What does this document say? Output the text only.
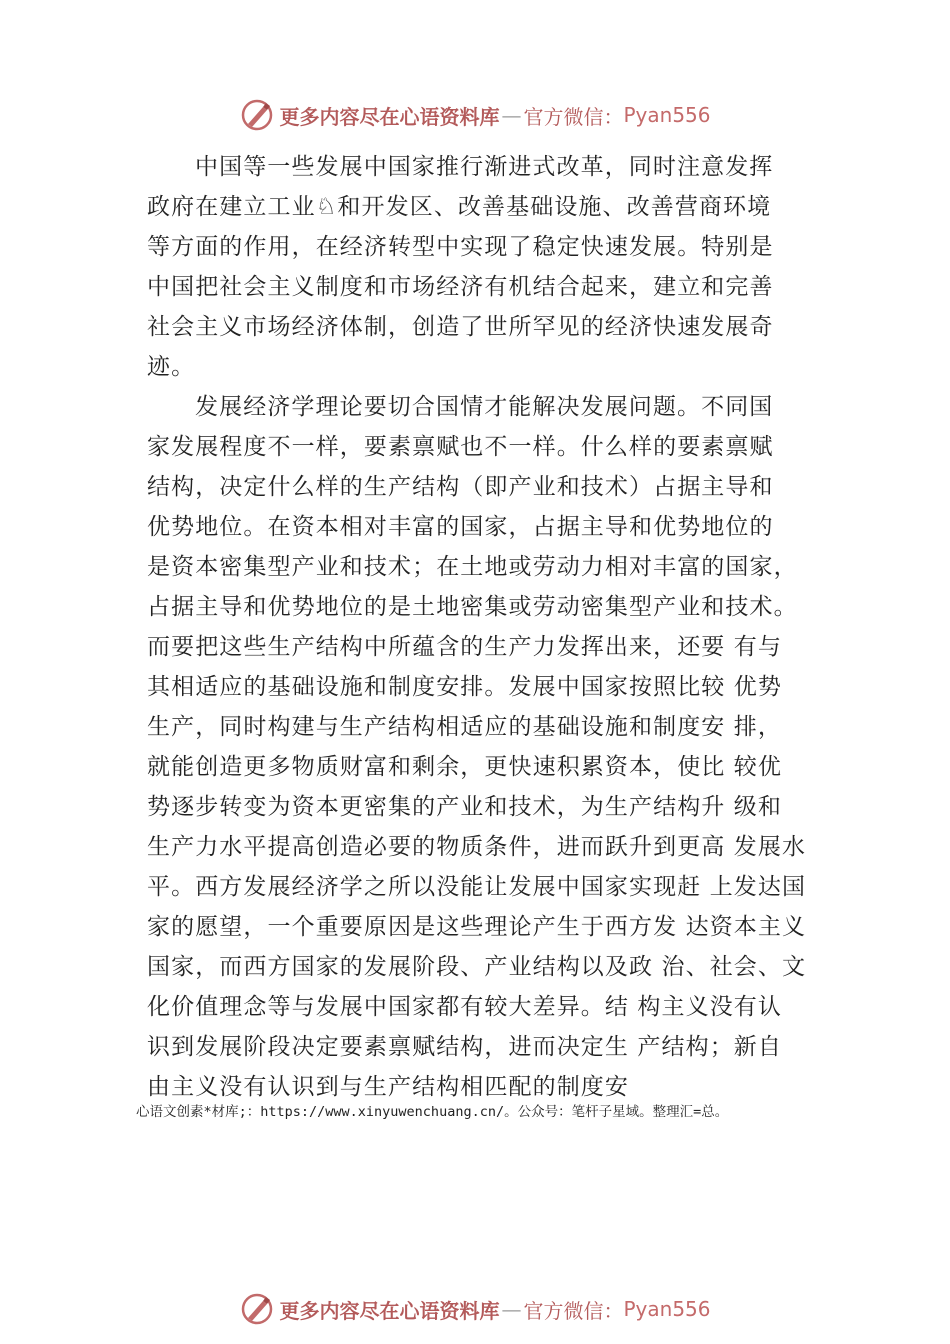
更多内容尽在心语资料库 — 官方微信： Pyan556
中国等一些发展中国家推行渐进式改革，同时注意发挥
政府在建立工业♘和开发区、改善基础设施、改善营商环境
等方面的作用，在经济转型中实现了稳定快速发展。特别是
中国把社会主义制度和市场经济有机结合起来，建立和完善
社会主义市场经济体制，创造了世所罕见的经济快速发展奇
迹。
发展经济学理论要切合国情才能解决发展问题。不同国
家发展程度不一样，要素禀赋也不一样。什么样的要素禀赋
结构，决定什么样的生产结构（即产业和技术）占据主导和
优势地位。在资本相对丰富的国家，占据主导和优势地位的
是资本密集型产业和技术；在土地或劳动力相对丰富的国家，
占据主导和优势地位的是土地密集或劳动密集型产业和技术。
而要把这些生产结构中所蕴含的生产力发挥出来，还要 有与
其相适应的基础设施和制度安排。发展中国家按照比较 优势
生产，同时构建与生产结构相适应的基础设施和制度安 排，
就能创造更多物质财富和剩余，更快速积累资本，使比 较优
势逐步转变为资本更密集的产业和技术，为生产结构升 级和
生产力水平提高创造必要的物质条件，进而跃升到更高 发展水
平。西方发展经济学之所以没能让发展中国家实现赶 上发达国
家的愿望，一个重要原因是这些理论产生于西方发 达资本主义
国家，而西方国家的发展阶段、产业结构以及政 治、社会、文
化价值理念等与发展中国家都有较大差异。结 构主义没有认
识到发展阶段决定要素禀赋结构，进而决定生 产结构；新自
由主义没有认识到与生产结构相匹配的制度安
心语文创素*材库;：https://www.xinyuwenchuang.cn/。公众号：笔杆子星域。整理汇=总。
更多内容尽在心语资料库 — 官方微信： Pyan556
